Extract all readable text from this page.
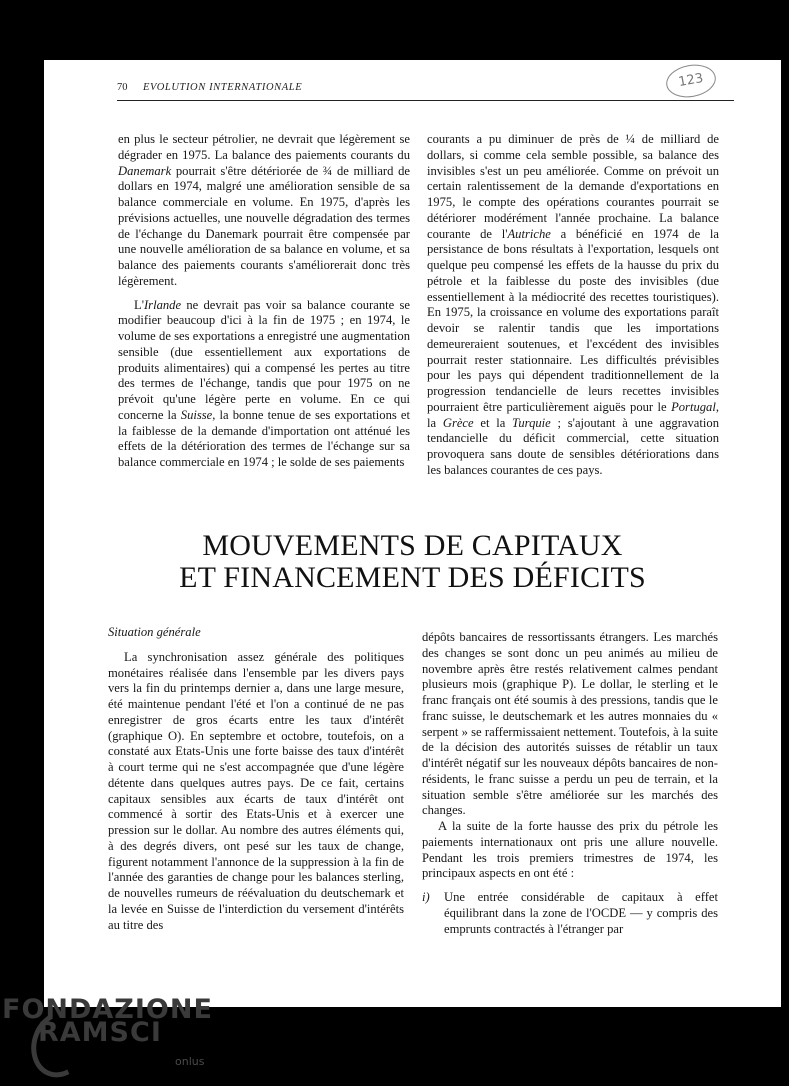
70 EVOLUTION INTERNATIONALE	123

en plus le secteur pétrolier, ne devrait que légèrement se dégrader en 1975. La balance des paiements courants du Danemark pourrait s'être détériorée de ¾ de milliard de dollars en 1974, malgré une amélioration sensible de sa balance commerciale en volume. En 1975, d'après les prévisions actuelles, une nouvelle dégradation des termes de l'échange du Danemark pourrait être compensée par une nouvelle amélioration de sa balance en volume, et sa balance des paiements courants s'améliorerait donc très légèrement.

L'Irlande ne devrait pas voir sa balance courante se modifier beaucoup d'ici à la fin de 1975 ; en 1974, le volume de ses exportations a enregistré une augmentation sensible (due essentiellement aux exportations de produits alimentaires) qui a compensé les pertes au titre des termes de l'échange, tandis que pour 1975 on ne prévoit qu'une légère perte en volume. En ce qui concerne la Suisse, la bonne tenue de ses exportations et la faiblesse de la demande d'importation ont atténué les effets de la détérioration des termes de l'échange sur sa balance commerciale en 1974 ; le solde de ses paiements

courants a pu diminuer de près de ¼ de milliard de dollars, si comme cela semble possible, sa balance des invisibles s'est un peu améliorée. Comme on prévoit un certain ralentissement de la demande d'exportations en 1975, le compte des opérations courantes pourrait se détériorer modérément l'année prochaine. La balance courante de l'Autriche a bénéficié en 1974 de la persistance de bons résultats à l'exportation, lesquels ont quelque peu compensé les effets de la hausse du prix du pétrole et la faiblesse du poste des invisibles (due essentiellement à la médiocrité des recettes touristiques). En 1975, la croissance en volume des exportations paraît devoir se ralentir tandis que les importations demeureraient soutenues, et l'excédent des invisibles pourrait rester stationnaire. Les difficultés prévisibles pour les pays qui dépendent traditionnellement de la progression tendancielle de leurs recettes invisibles pourraient être particulièrement aiguës pour le Portugal, la Grèce et la Turquie ; s'ajoutant à une aggravation tendancielle du déficit commercial, cette situation provoquera sans doute de sensibles détériorations dans les balances courantes de ces pays.

MOUVEMENTS DE CAPITAUX
ET FINANCEMENT DES DÉFICITS

Situation générale

La synchronisation assez générale des politiques monétaires réalisée dans l'ensemble par les divers pays vers la fin du printemps dernier a, dans une large mesure, été maintenue pendant l'été et l'on a continué de ne pas enregistrer de gros écarts entre les taux d'intérêt (graphique O). En septembre et octobre, toutefois, on a constaté aux Etats-Unis une forte baisse des taux d'intérêt à court terme qui ne s'est accompagnée que d'une légère détente dans quelques autres pays. De ce fait, certains capitaux sensibles aux écarts de taux d'intérêt ont commencé à sortir des Etats-Unis et à exercer une pression sur le dollar. Au nombre des autres éléments qui, à des degrés divers, ont pesé sur les taux de change, figurent notamment l'annonce de la suppression à la fin de l'année des garanties de change pour les balances sterling, de nouvelles rumeurs de réévaluation du deutschemark et la levée en Suisse de l'interdiction du versement d'intérêts au titre des

dépôts bancaires de ressortissants étrangers. Les marchés des changes se sont donc un peu animés au milieu de novembre après être restés relativement calmes pendant plusieurs mois (graphique P). Le dollar, le sterling et le franc français ont été soumis à des pressions, tandis que le franc suisse, le deutschemark et les autres monnaies du « serpent » se raffermissaient nettement. Toutefois, à la suite de la décision des autorités suisses de rétablir un taux d'intérêt négatif sur les nouveaux dépôts bancaires de non-résidents, le franc suisse a perdu un peu de terrain, et la situation semble s'être améliorée sur les marchés des changes.

A la suite de la forte hausse des prix du pétrole les paiements internationaux ont pris une allure nouvelle. Pendant les trois premiers trimestres de 1974, les principaux aspects en ont été :

i) Une entrée considérable de capitaux à effet équilibrant dans la zone de l'OCDE — y compris des emprunts contractés à l'étranger par
FONDAZIONE
RAMSCI
onlus
